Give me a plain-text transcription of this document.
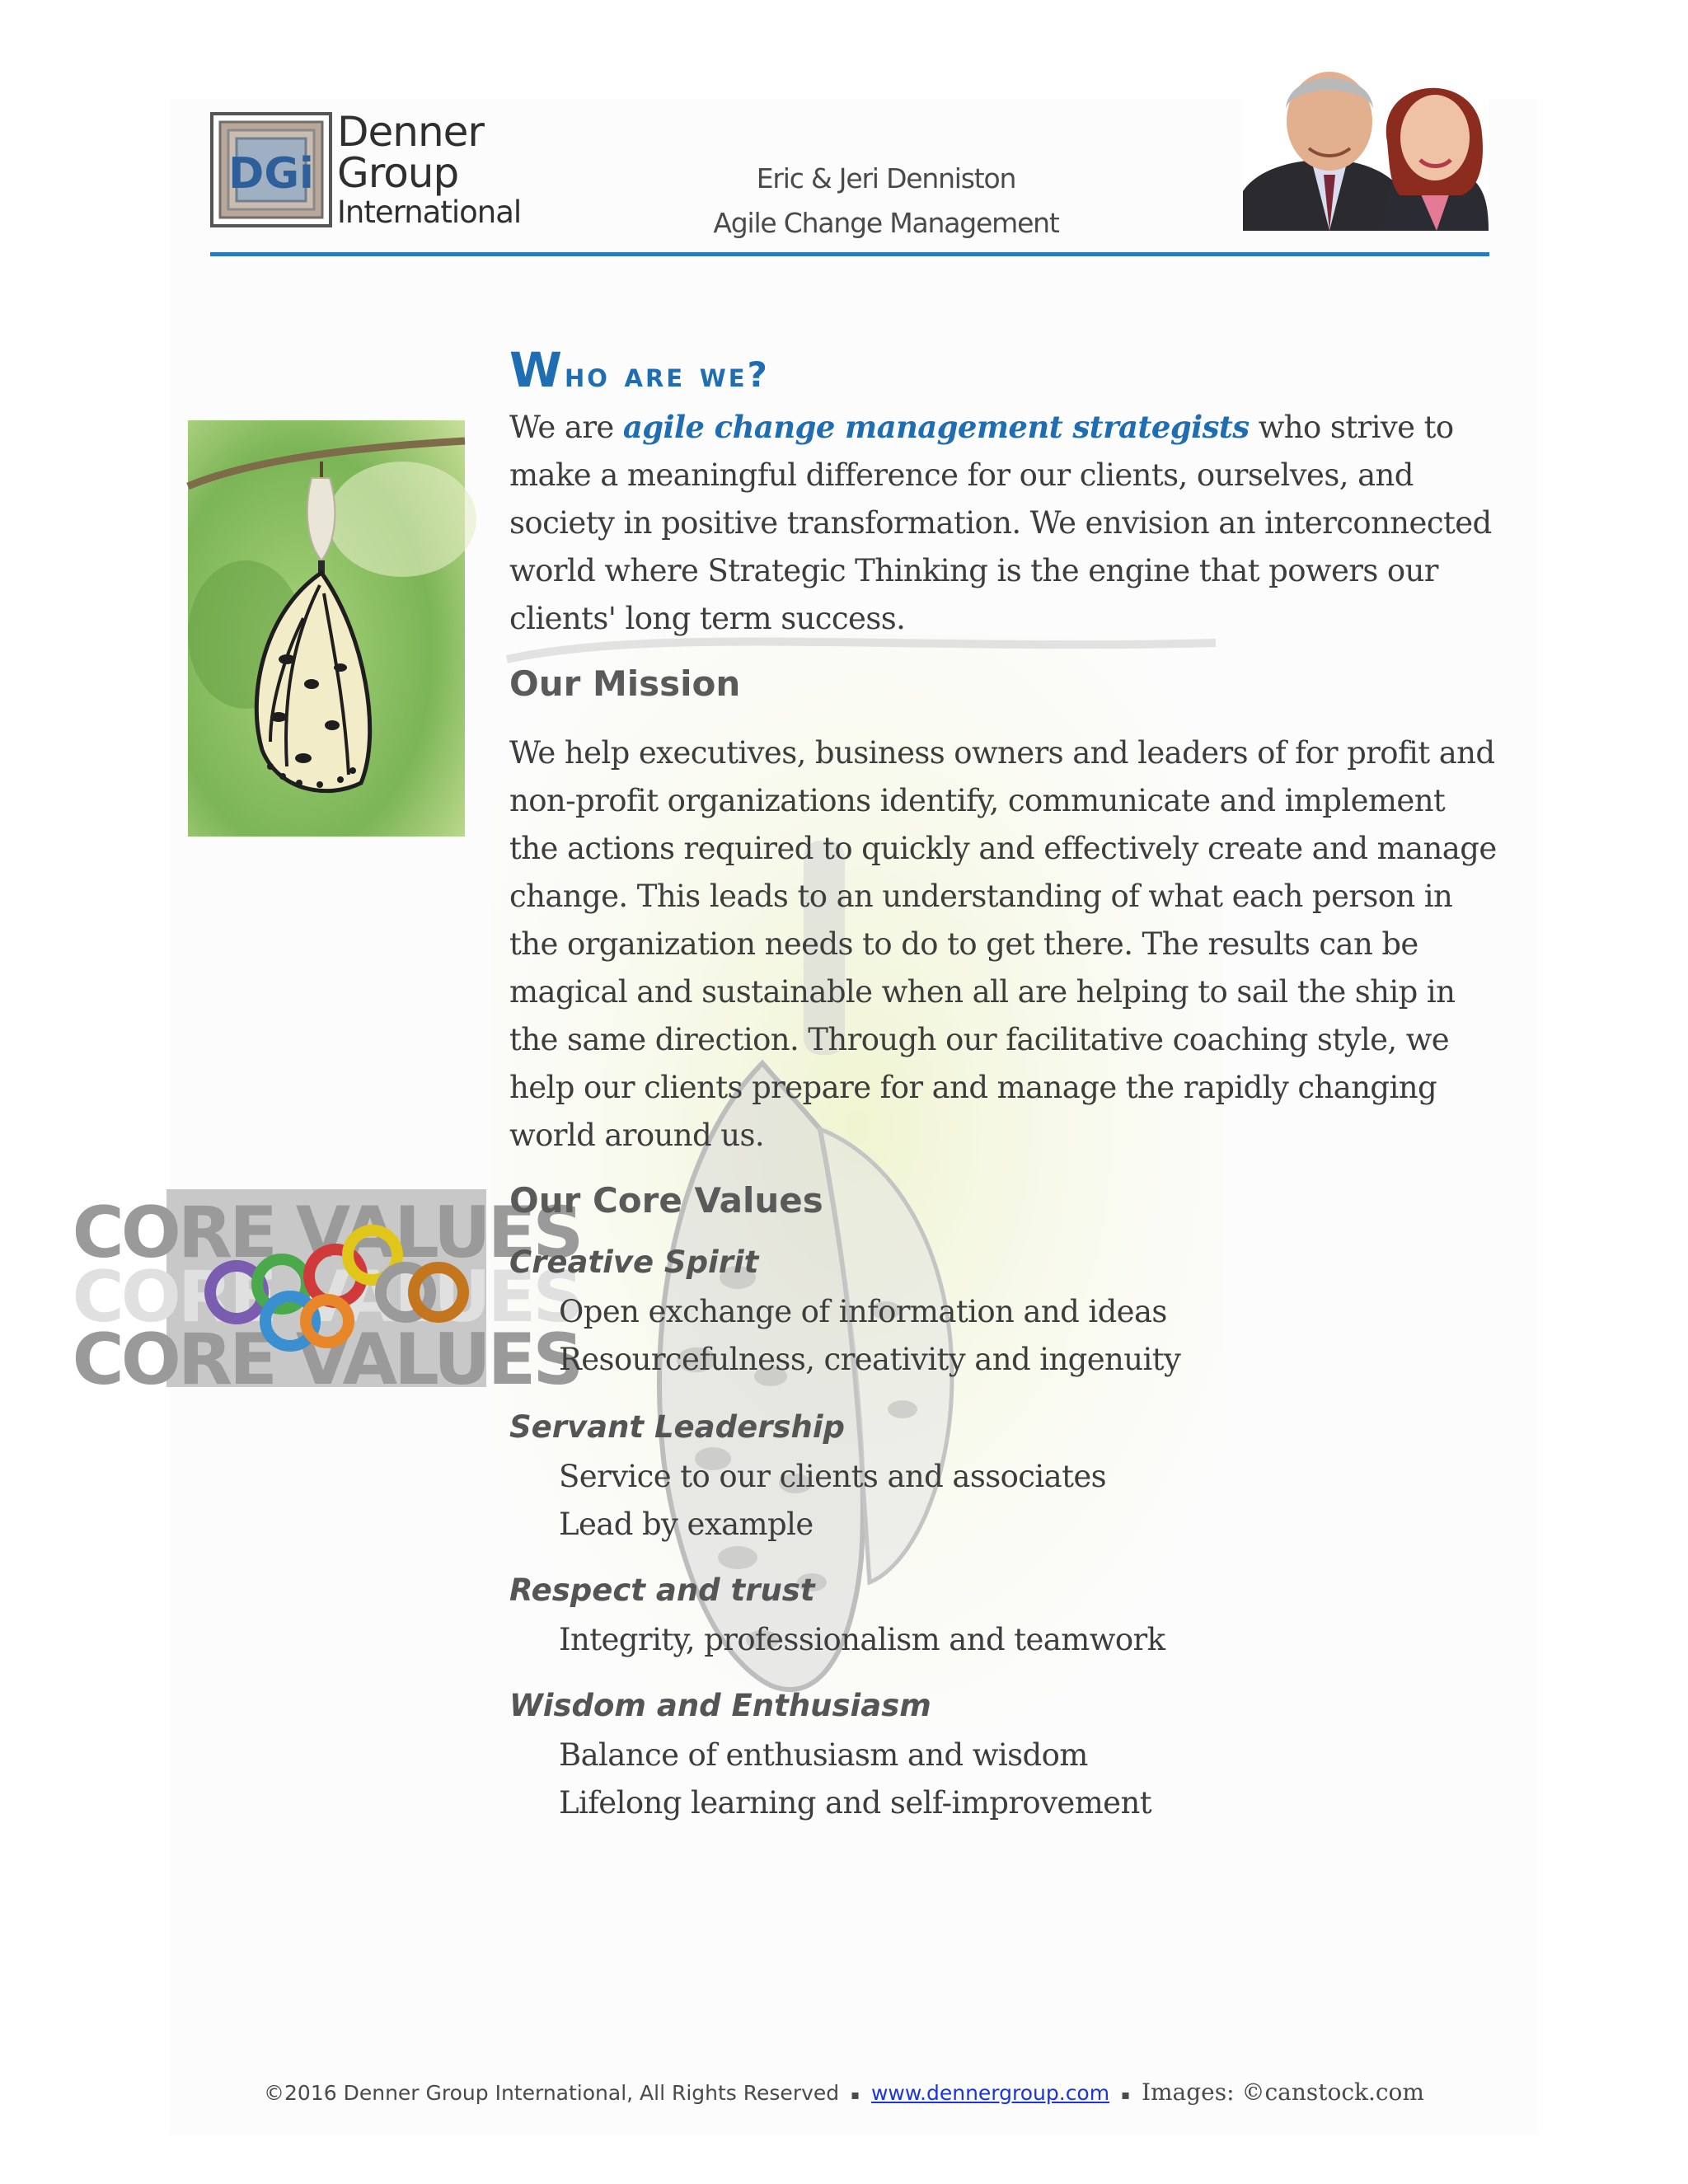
DGi
Denner
Group
International
Eric & Jeri Denniston
Agile Change Management
CORE VALUES
CORE VALUES
CORE VALUES
Who are we?

We are agile change management strategists who strive to make a meaningful difference for our clients, ourselves, and society in positive transformation. We envision an interconnected world where Strategic Thinking is the engine that powers our clients' long term success.

Our Mission

We help executives, business owners and leaders of for profit and non-profit organizations identify, communicate and implement the actions required to quickly and effectively create and manage change. This leads to an understanding of what each person in the organization needs to do to get there. The results can be magical and sustainable when all are helping to sail the ship in the same direction. Through our facilitative coaching style, we help our clients prepare for and manage the rapidly changing world around us.

Our Core Values
Creative Spirit

Open exchange of information and ideas

Resourcefulness, creativity and ingenuity

Servant Leadership

Service to our clients and associates

Lead by example

Respect and trust

Integrity, professionalism and teamwork

Wisdom and Enthusiasm

Balance of enthusiasm and wisdom

Lifelong learning and self-improvement

©2016 Denner Group International, All Rights Reserved ▪ www.dennergroup.com ▪ Images: ©canstock.com
